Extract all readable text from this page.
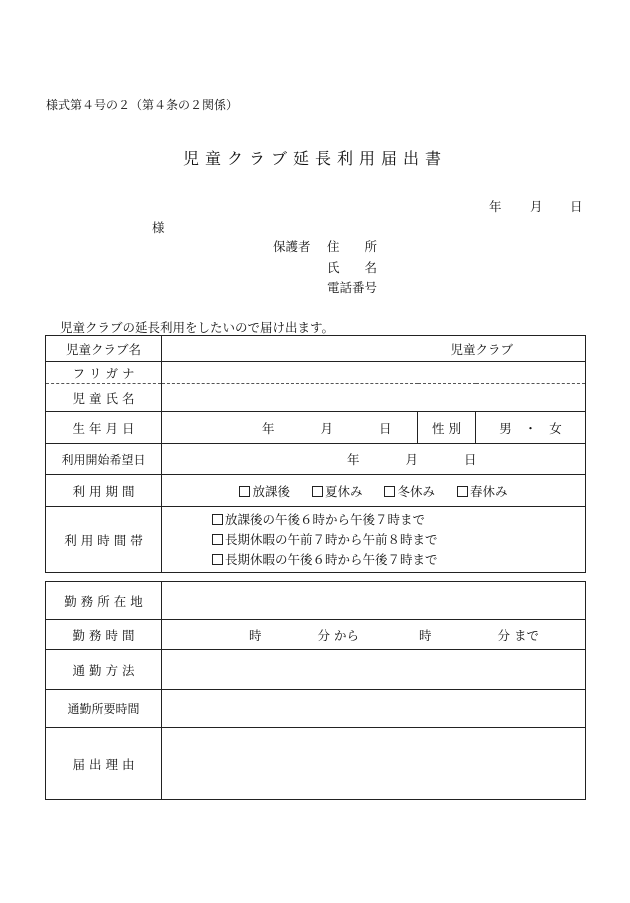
様式第４号の２（第４条の２関係）
児童クラブ延長利用届出書
年 月 日
様
保護者 住　　所
氏　　名
電話番号
児童クラブの延長利用をしたいので届け出ます。
児童クラブ名	児童クラブ		
フ リ ガ ナ			
児 童 氏 名			
生 年 月 日	年 月 日	性 別	男　・　女
利用開始希望日	年 月 日		
利 用 期 間	放課後 夏休み 冬休み 春休み		
利 用 時 間 帯	放課後の午後６時から午後７時まで
長期休暇の午前７時から午前８時まで
長期休暇の午後６時から午後７時まで		
勤 務 所 在 地	
勤 務 時 間	時 分 から 時 分 まで
通 勤 方 法	
通勤所要時間	
届 出 理 由	
